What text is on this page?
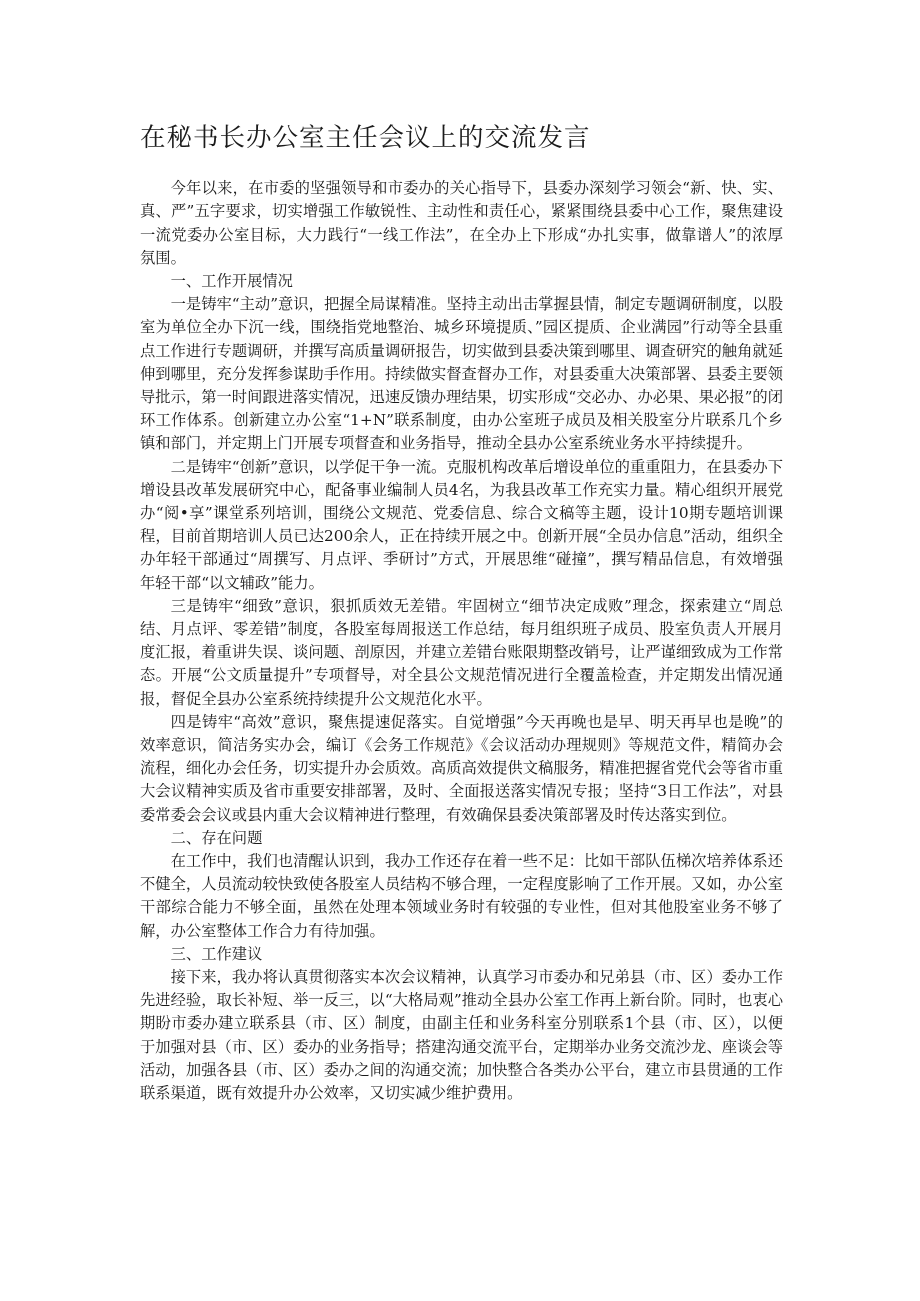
在秘书长办公室主任会议上的交流发言

今年以来，在市委的坚强领导和市委办的关心指导下，县委办深刻学习领会“新、快、实、真、严”五字要求，切实增强工作敏锐性、主动性和责任心，紧紧围绕县委中心工作，聚焦建设一流党委办公室目标，大力践行“一线工作法”，在全办上下形成“办扎实事，做靠谱人”的浓厚氛围。

一、工作开展情况

一是铸牢“主动”意识，把握全局谋精准。坚持主动出击掌握县情，制定专题调研制度，以股室为单位全办下沉一线，围绕指党地整治、城乡环境提质、”园区提质、企业满园”行动等全县重点工作进行专题调研，并撰写高质量调研报告，切实做到县委决策到哪里、调查研究的触角就延伸到哪里，充分发挥参谋助手作用。持续做实督查督办工作，对县委重大决策部署、县委主要领导批示，第一时间跟进落实情况，迅速反馈办理结果，切实形成“交必办、办必果、果必报”的闭环工作体系。创新建立办公室“1+N”联系制度，由办公室班子成员及相关股室分片联系几个乡镇和部门，并定期上门开展专项督查和业务指导，推动全县办公室系统业务水平持续提升。

二是铸牢“创新”意识，以学促干争一流。克服机构改革后增设单位的重重阻力，在县委办下增设县改革发展研究中心，配备事业编制人员4名，为我县改革工作充实力量。精心组织开展党办“阅•享”课堂系列培训，围绕公文规范、党委信息、综合文稿等主题，设计10期专题培训课程，目前首期培训人员已达200余人，正在持续开展之中。创新开展“全员办信息”活动，组织全办年轻干部通过“周撰写、月点评、季研讨”方式，开展思维“碰撞”，撰写精品信息，有效增强年轻干部“以文辅政”能力。

三是铸牢“细致”意识，狠抓质效无差错。牢固树立“细节决定成败”理念，探索建立“周总结、月点评、零差错”制度，各股室每周报送工作总结，每月组织班子成员、股室负责人开展月度汇报，着重讲失误、谈问题、剖原因，并建立差错台账限期整改销号，让严谨细致成为工作常态。开展“公文质量提升”专项督导，对全县公文规范情况进行全覆盖检查，并定期发出情况通报，督促全县办公室系统持续提升公文规范化水平。

四是铸牢“高效”意识，聚焦提速促落实。自觉增强”今天再晚也是早、明天再早也是晚”的效率意识，简洁务实办会，编订《会务工作规范》《会议活动办理规则》等规范文件，精简办会流程，细化办会任务，切实提升办会质效。高质高效提供文稿服务，精准把握省党代会等省市重大会议精神实质及省市重要安排部署，及时、全面报送落实情况专报；坚持“3日工作法”，对县委常委会会议或县内重大会议精神进行整理，有效确保县委决策部署及时传达落实到位。

二、存在问题

在工作中，我们也清醒认识到，我办工作还存在着一些不足：比如干部队伍梯次培养体系还不健全，人员流动较快致使各股室人员结构不够合理，一定程度影响了工作开展。又如，办公室干部综合能力不够全面，虽然在处理本领域业务时有较强的专业性，但对其他股室业务不够了解，办公室整体工作合力有待加强。

三、工作建议

接下来，我办将认真贯彻落实本次会议精神，认真学习市委办和兄弟县（市、区）委办工作先进经验，取长补短、举一反三，以“大格局观”推动全县办公室工作再上新台阶。同时，也衷心期盼市委办建立联系县（市、区）制度，由副主任和业务科室分别联系1个县（市、区），以便于加强对县（市、区）委办的业务指导；搭建沟通交流平台，定期举办业务交流沙龙、座谈会等活动，加强各县（市、区）委办之间的沟通交流；加快整合各类办公平台，建立市县贯通的工作联系渠道，既有效提升办公效率，又切实减少维护费用。
